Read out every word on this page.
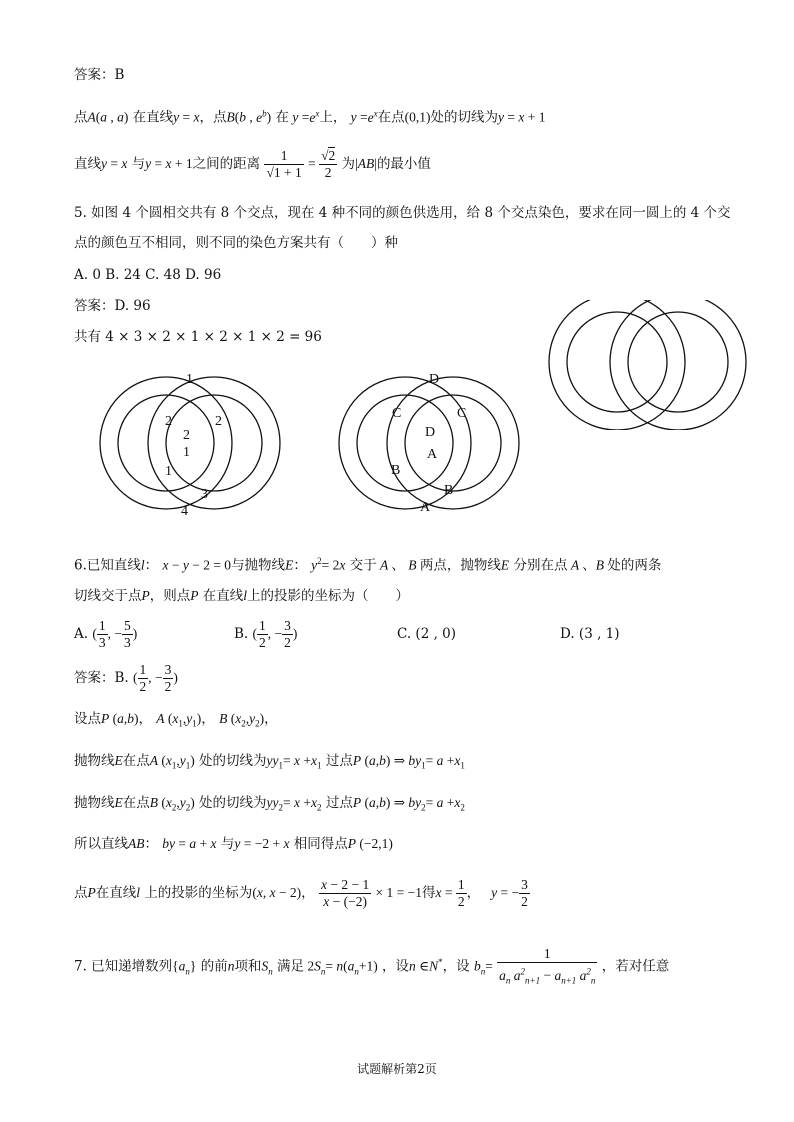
答案：B
点A(a , a) 在直线y = x，点B(b , $e^b$) 在 $y =e^x$上， $y =e^x$在点(0,1)处的切线为y = x + 1
直线y = x 与y = x + 1之间的距离 $\frac{1}{√1 + 1} = \frac{√2}{2}$ 为|AB|的最小值
5. 如图 4 个圆相交共有 8 个交点，现在 4 种不同的颜色供选用，给 8 个交点染色，要求在同一圆上的 4 个交
点的颜色互不相同，则不同的染色方案共有（　　）种
A. 0 B. 24 C. 48 D. 96
答案：D. 96
共有 4 × 3 × 2 × 1 × 2 × 1 × 2 = 96
1
2	2
2
1
1
3
4
D
C	C
D
A
B
B
A
6.已知直线l： x − y − 2 = 0与抛物线E： $y^2= 2x$ 交于 A 、 B 两点，抛物线E 分别在点 A 、B 处的两条
切线交于点P，则点P 在直线l上的投影的坐标为（　　）
A. ( $\frac{1}{3}$ , − $\frac{5}{3}$ )	B. ( $\frac{1}{2}$ , − $\frac{3}{2}$ )	C. (2 , 0)	D. (3 , 1)
答案：B. ( $\frac{1}{2}$ , − $\frac{3}{2}$ )
设点P (a,b)， A $(x_1,y_1)$， B $(x_2,y_2)$，
抛物线E在点A $(x_1,y_1)$ 处的切线为$yy_1= x +x_1$ 过点P (a,b) ⇒ $by_1= a +x_1$
抛物线E在点B $(x_2,y_2)$ 处的切线为$yy_2= x +x_2$ 过点P (a,b) ⇒ $by_2= a +x_2$
所以直线AB： by = a + x 与y = −2 + x 相同得点P (−2,1)
点P在直线l 上的投影的坐标为(x, x − 2)， $\frac{x - 2 - 1}{x - (-2)} \times 1 = -1$得$x = \frac{1}{2}$ ，　 y = − $\frac{3}{2}$
7. 已知递增数列$\{a_n\}$ 的前n项和$S_n$ 满足 $2S_n= n(a_n+1)$ ，设n ∈N*，设 $b_n= \frac{1}{a_n a^2_{n+1} - a_{n+1} a^2_n}$ ，若对任意
试题解析第2页
